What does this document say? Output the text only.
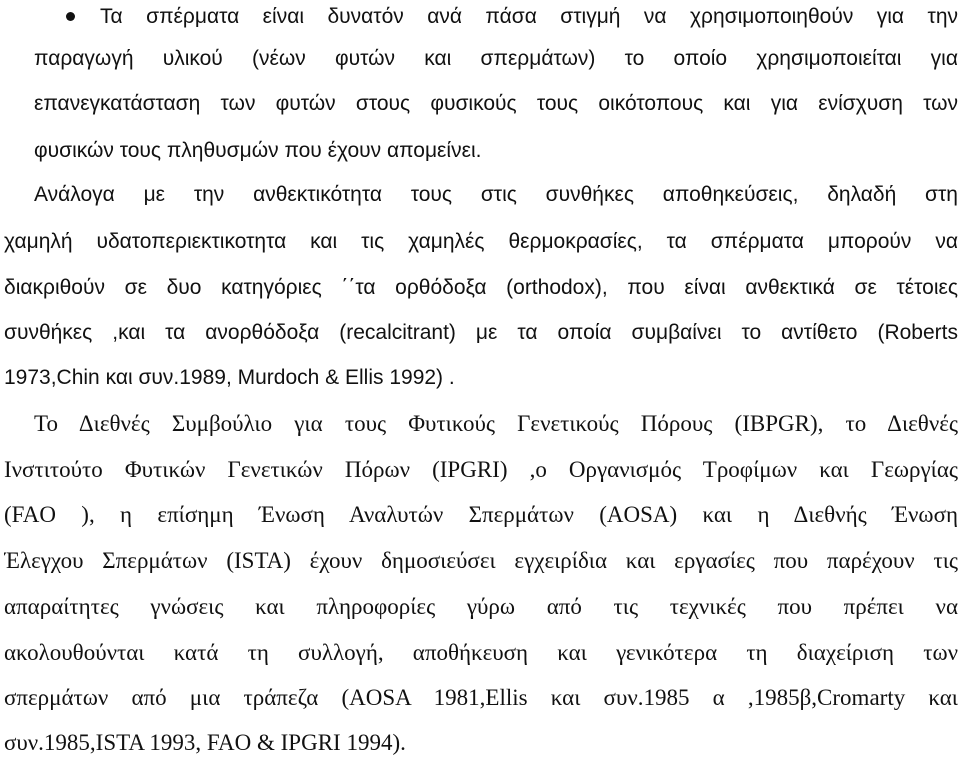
Τα σπέρματα είναι δυνατόν ανά πάσα στιγμή να χρησιμοποιηθούν για την
παραγωγή υλικού (νέων φυτών και σπερμάτων) το οποίο χρησιμοποιείται για
επανεγκατάσταση των φυτών στους φυσικούς τους οικότοπους και για ενίσχυση των
φυσικών τους πληθυσμών που έχουν απομείνει.
Ανάλογα με την ανθεκτικότητα τους στις συνθήκες αποθηκεύσεις, δηλαδή στη
χαμηλή υδατοπεριεκτικοτητα και τις χαμηλές θερμοκρασίες, τα σπέρματα μπορούν να
διακριθούν σε δυο κατηγόριες ΄΄τα ορθόδοξα (orthodox), που είναι ανθεκτικά σε τέτοιες
συνθήκες ,και τα ανορθόδοξα (recalcitrant) με τα οποία συμβαίνει το αντίθετο (Roberts
1973,Chin και συν.1989, Murdoch & Ellis 1992) .
Το Διεθνές Συμβούλιο για τους Φυτικούς Γενετικούς Πόρους (IBPGR), το Διεθνές
Ινστιτούτο Φυτικών Γενετικών Πόρων (IPGRI) ,ο Οργανισμός Τροφίμων και Γεωργίας
(FAO ), η επίσημη Ένωση Αναλυτών Σπερμάτων (AOSA) και η Διεθνής Ένωση
Έλεγχου Σπερμάτων (ISTA) έχουν δημοσιεύσει εγχειρίδια και εργασίες που παρέχουν τις
απαραίτητες γνώσεις και πληροφορίες γύρω από τις τεχνικές που πρέπει να
ακολουθούνται κατά τη συλλογή, αποθήκευση και γενικότερα τη διαχείριση των
σπερμάτων από μια τράπεζα (AOSA 1981,Ellis και συν.1985 α ,1985β,Cromarty και
συν.1985,ISTA 1993, FAO & IPGRI 1994).
